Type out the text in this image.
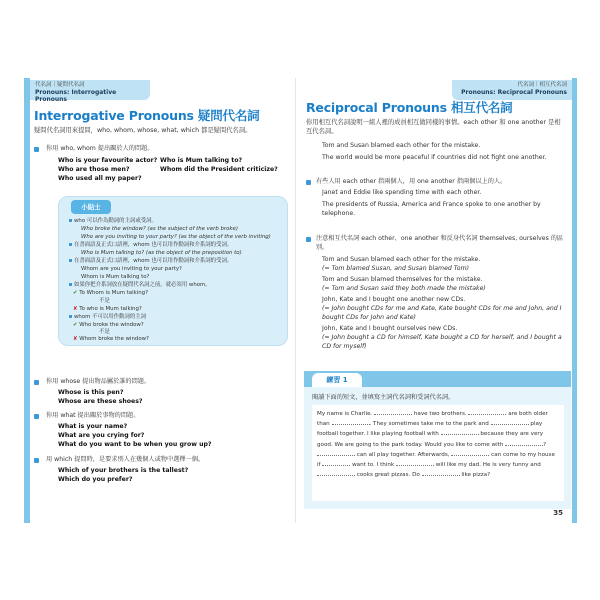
代名詞｜疑問代名詞
Pronouns: Interrogative Pronouns
Interrogative Pronouns 疑問代名詞
疑問代名詞用來提問，who, whom, whose, what, which 都是疑問代名詞。
你用 who, whom 提出關於人的問題。
Who is your favourite actor?
Who are those men?
Who used all my paper?
Who is Mum talking to?
Whom did the President criticize?
小貼士
who 可以作為動詞的主詞或受詞。
Who broke the window? (as the subject of the verb broke)
Who are you inviting to your party? (as the object of the verb inviting)
在書面語及正式口語裡，whom 也可以用作動詞和介系詞的受詞。
Who is Mum talking to? (as the object of the preposition to)
在書面語及正式口語裡，whom 也可以用作動詞和介系詞的受詞。
Whom are you inviting to your party?
Whom is Mum talking to?
如果你把介系詞放在疑問代名詞之前，就必須用 whom。
✔ To Whom is Mum talking?
不是
✘ To who is Mum talking?
whom 不可以用作動詞的主詞
✔ Who broke the window?
不是
✘ Whom broke the window?
你用 whose 提出物品屬於誰的問題。
Whose is this pen?
Whose are these shoes?
你用 what 提出關於事物的問題。
What is your name?
What are you crying for?
What do you want to be when you grow up?
用 which 提問時，是要求別人在幾個人或物中選擇一個。
Which of your brothers is the tallest?
Which do you prefer?
代名詞｜相互代名詞
Pronouns: Reciprocal Pronouns
Reciprocal Pronouns 相互代名詞
你用相互代名詞說明一組人裡的成員相互做同樣的事情。each other 和 one another 是相互代名詞。
Tom and Susan blamed each other for the mistake.
The world would be more peaceful if countries did not fight one another.
有些人用 each other 指兩個人，用 one another 指兩個以上的人。
Janet and Eddie like spending time with each other.
The presidents of Russia, America and France spoke to one another by telephone.
注意相互代名詞 each other、one another 和反身代名詞 themselves, ourselves 的區別。
Tom and Susan blamed each other for the mistake.
(= Tom blamed Susan, and Susan blamed Tom)
Tom and Susan blamed themselves for the mistake.
(= Tom and Susan said they both made the mistake)
John, Kate and I bought one another new CDs.
(= John bought CDs for me and Kate, Kate bought CDs for me and John, and I bought CDs for John and Kate)
John, Kate and I bought ourselves new CDs.
(= John bought a CD for himself, Kate bought a CD for herself, and I bought a CD for myself)
練習 1
閱讀下面的短文，並填寫主詞代名詞和受詞代名詞。
My name is Charlie.	have two brothers.	are both older than	. They sometimes take me to the park and	play football together. I like playing football with	because they are very good. We are going to the park today. Would you like to come with	?  can all play together. Afterwards,	can come to my house if	want to. I think	will like my dad. He is very funny and  cooks great pizzas. Do	like pizza?
35
